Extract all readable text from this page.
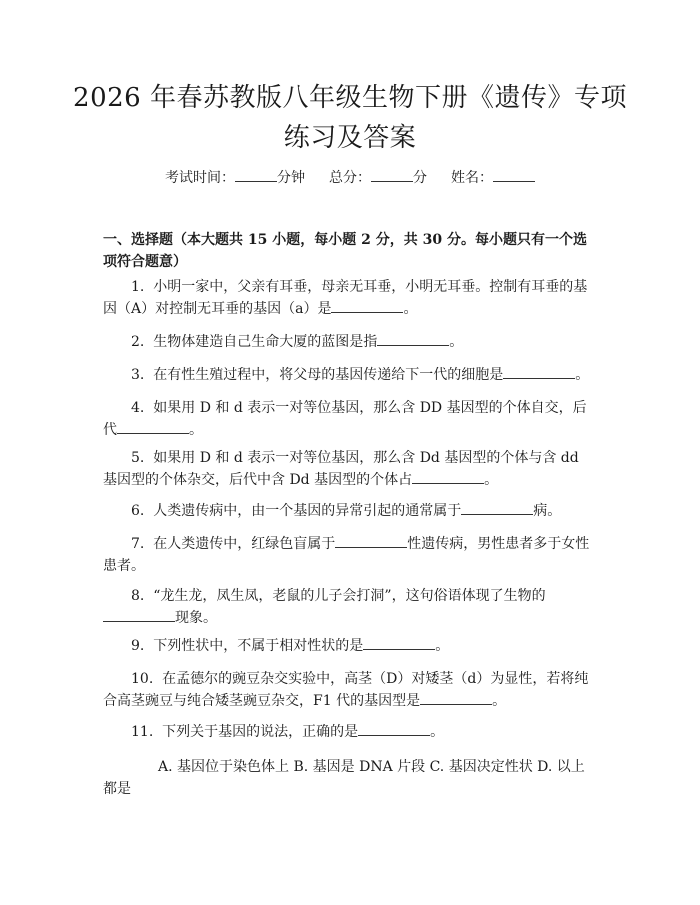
2026 年春苏教版八年级生物下册《遗传》专项练习及答案
考试时间：	分钟 总分：	分 姓名：
一、选择题（本大题共 15 小题，每小题 2 分，共 30 分。每小题只有一个选项符合题意）
1. 小明一家中，父亲有耳垂，母亲无耳垂，小明无耳垂。控制有耳垂的基因（A）对控制无耳垂的基因（a）是	。
2. 生物体建造自己生命大厦的蓝图是指	。
3. 在有性生殖过程中，将父母的基因传递给下一代的细胞是	。
4. 如果用 D 和 d 表示一对等位基因，那么含 DD 基因型的个体自交，后代	。
5. 如果用 D 和 d 表示一对等位基因，那么含 Dd 基因型的个体与含 dd 基因型的个体杂交，后代中含 Dd 基因型的个体占	。
6. 人类遗传病中，由一个基因的异常引起的通常属于	病。
7. 在人类遗传中，红绿色盲属于	性遗传病，男性患者多于女性患者。
8. “龙生龙，凤生凤，老鼠的儿子会打洞”，这句俗语体现了生物的现象。
9. 下列性状中，不属于相对性状的是	。
10. 在孟德尔的豌豆杂交实验中，高茎（D）对矮茎（d）为显性，若将纯合高茎豌豆与纯合矮茎豌豆杂交，F1 代的基因型是	。
11. 下列关于基因的说法，正确的是	。
A. 基因位于染色体上 B. 基因是 DNA 片段 C. 基因决定性状 D. 以上都是
